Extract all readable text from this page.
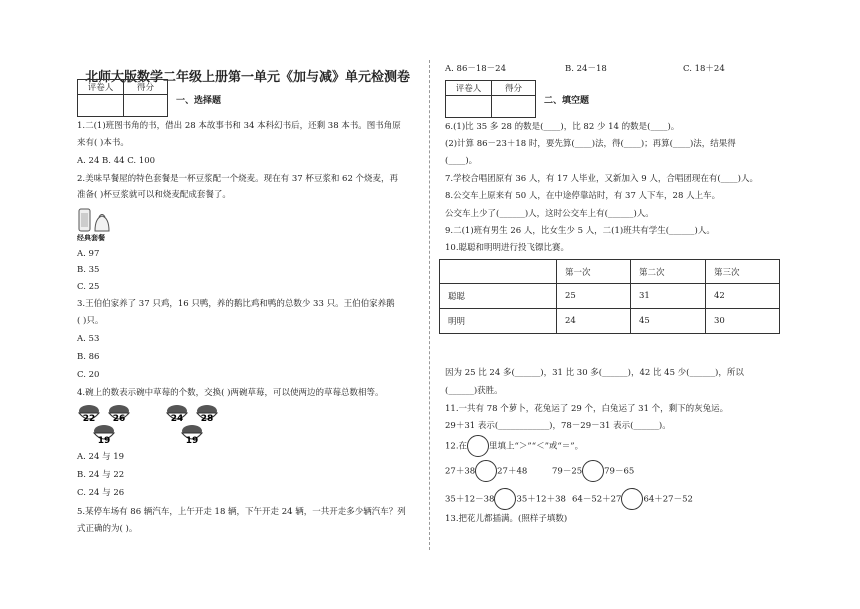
北师大版数学二年级上册第一单元《加与减》单元检测卷
评卷人	得分

一、选择题
1.二(1)班图书角的书，借出 28 本故事书和 34 本科幻书后，还剩 38 本书。图书角原
来有( )本书。
A. 24 B. 44 C. 100
2.美味早餐屋的特色套餐是一杯豆浆配一个烧麦。现在有 37 杯豆浆和 62 个烧麦，再
准备( )杯豆浆就可以和烧麦配成套餐了。
经典套餐
A. 97
B. 35
C. 25
3.王伯伯家养了 37 只鸡，16 只鸭，养的鹅比鸡和鸭的总数少 33 只。王伯伯家养鹅
( )只。
A. 53
B. 86
C. 20
4.碗上的数表示碗中草莓的个数，交换( )两碗草莓，可以使两边的草莓总数相等。
22 26
19
24 28
19
A. 24 与 19
B. 24 与 22
C. 24 与 26
5.某停车场有 86 辆汽车，上午开走 18 辆，下午开走 24 辆，一共开走多少辆汽车？列
式正确的为( )。
A. 86－18－24	B. 24－18	C. 18＋24
评卷人	得分

二、填空题
6.(1)比 35 多 28 的数是(____)，比 82 少 14 的数是(____)。
(2)计算 86－23＋18 时，要先算(____)法，得(____)；再算(____)法，结果得
(____)。
7.学校合唱团原有 36 人，有 17 人毕业，又新加入 9 人，合唱团现在有(____)人。
8.公交车上原来有 50 人，在中途停靠站时，有 37 人下车，28 人上车。
公交车上少了(______)人，这时公交车上有(______)人。
9.二(1)班有男生 26 人，比女生少 5 人，二(1)班共有学生(______)人。
10.聪聪和明明进行投飞镖比赛。
	第一次	第二次	第三次
聪聪	25	31	42
明明	24	45	30
因为 25 比 24 多(______)，31 比 30 多(______)，42 比 45 少(______)，所以
(______)获胜。
11.一共有 78 个萝卜，花兔运了 29 个，白兔运了 31 个，剩下的灰兔运。
29＋31 表示(____________)，78－29－31 表示(______)。
12.在	里填上“＞”“＜”或“＝”。
27＋38	27＋48	79－25	79－65
35＋12－38	35＋12＋38 64－52＋27	64＋27－52
13.把花儿都插满。(照样子填数)
